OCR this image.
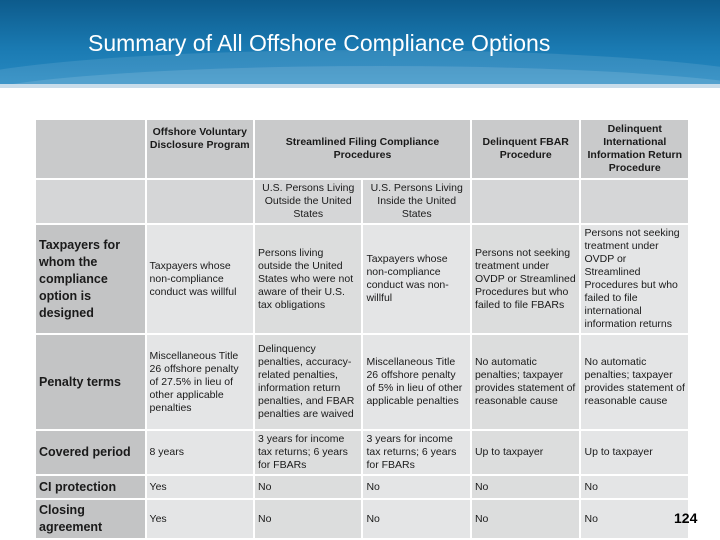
Summary of All Offshore Compliance Options
	Offshore Voluntary Disclosure Program	Streamlined Filing Compliance Procedures		Delinquent FBAR Procedure	Delinquent International Information Return Procedure
		U.S. Persons Living Outside the United States	U.S. Persons Living Inside the United States		
Taxpayers for whom the compliance option is designed	Taxpayers whose non-compliance conduct was willful	Persons living outside the United States who were not aware of their U.S. tax obligations	Taxpayers whose non-compliance conduct was non-willful	Persons not seeking treatment under OVDP or Streamlined Procedures but who failed to file FBARs	Persons not seeking treatment under OVDP or Streamlined Procedures but who failed to file international information returns
Penalty terms	Miscellaneous Title 26 offshore penalty of 27.5% in lieu of other applicable penalties	Delinquency penalties, accuracy-related penalties, information return penalties, and FBAR penalties are waived	Miscellaneous Title 26 offshore penalty of 5% in lieu of other applicable penalties	No automatic penalties; taxpayer provides statement of reasonable cause	No automatic penalties; taxpayer provides statement of reasonable cause
Covered period	8 years	3 years for income tax returns; 6 years for FBARs	3 years for income tax returns; 6 years for FBARs	Up to taxpayer	Up to taxpayer
CI protection	Yes	No	No	No	No
Closing agreement	Yes	No	No	No	No	124
